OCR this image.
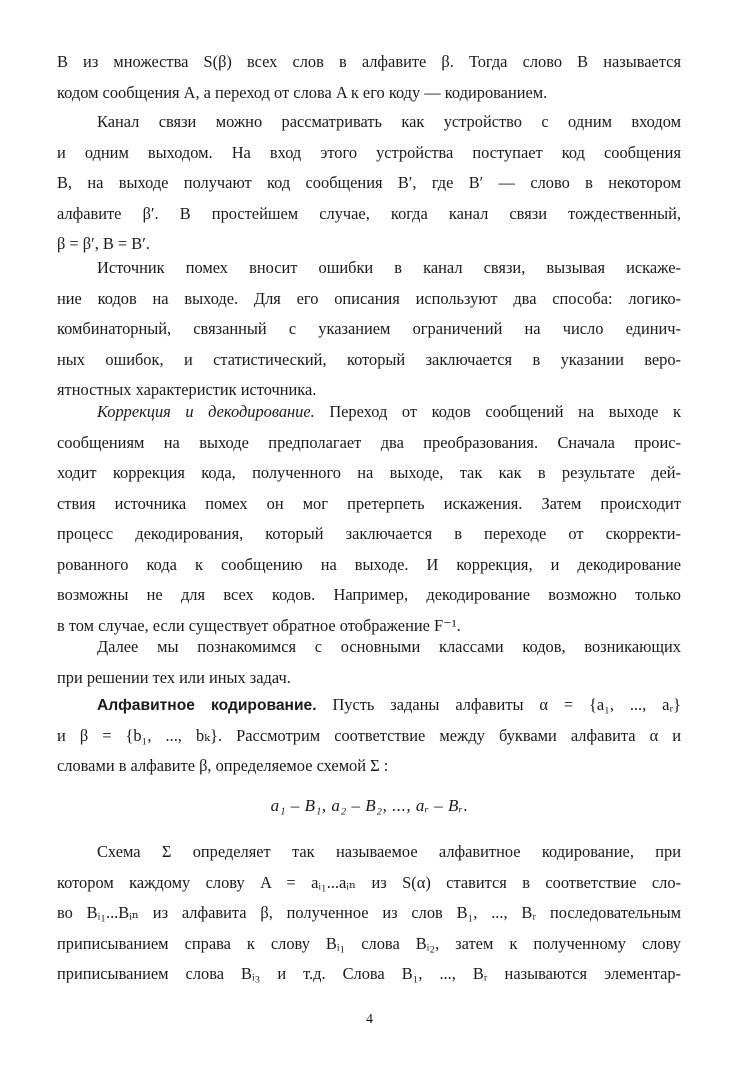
B из множества S(β) всех слов в алфавите β. Тогда слово B называется
кодом сообщения A, а переход от слова A к его коду — кодированием.
Канал связи можно рассматривать как устройство с одним входом
и одним выходом. На вход этого устройства поступает код сообщения
B, на выходе получают код сообщения B′, где B′ — слово в некотором
алфавите β′. В простейшем случае, когда канал связи тождественный,
β = β′, B = B′.
Источник помех вносит ошибки в канал связи, вызывая искаже-
ние кодов на выходе. Для его описания используют два способа: логико-
комбинаторный, связанный с указанием ограничений на число единич-
ных ошибок, и статистический, который заключается в указании веро-
ятностных характеристик источника.
Коррекция и декодирование. Переход от кодов сообщений на выходе к
сообщениям на выходе предполагает два преобразования. Сначала проис-
ходит коррекция кода, полученного на выходе, так как в результате дей-
ствия источника помех он мог претерпеть искажения. Затем происходит
процесс декодирования, который заключается в переходе от скорректи-
рованного кода к сообщению на выходе. И коррекция, и декодирование
возможны не для всех кодов. Например, декодирование возможно только
в том случае, если существует обратное отображение F⁻¹.
Далее мы познакомимся с основными классами кодов, возникающих
при решении тех или иных задач.
Алфавитное кодирование. Пусть заданы алфавиты α = {a₁, ..., aᵣ}
и β = {b₁, ..., bₖ}. Рассмотрим соответствие между буквами алфавита α и
словами в алфавите β, определяемое схемой Σ :
a₁ – B₁, a₂ – B₂, ..., aᵣ – Bᵣ.
Схема Σ определяет так называемое алфавитное кодирование, при
котором каждому слову A = aᵢ₁...aᵢₙ из S(α) ставится в соответствие сло-
во Bᵢ₁...Bᵢₙ из алфавита β, полученное из слов B₁, ..., Bᵣ последовательным
приписыванием справа к слову Bᵢ₁ слова Bᵢ₂, затем к полученному слову
приписыванием слова Bᵢ₃ и т.д. Слова B₁, ..., Bᵣ называются элементар-
4
